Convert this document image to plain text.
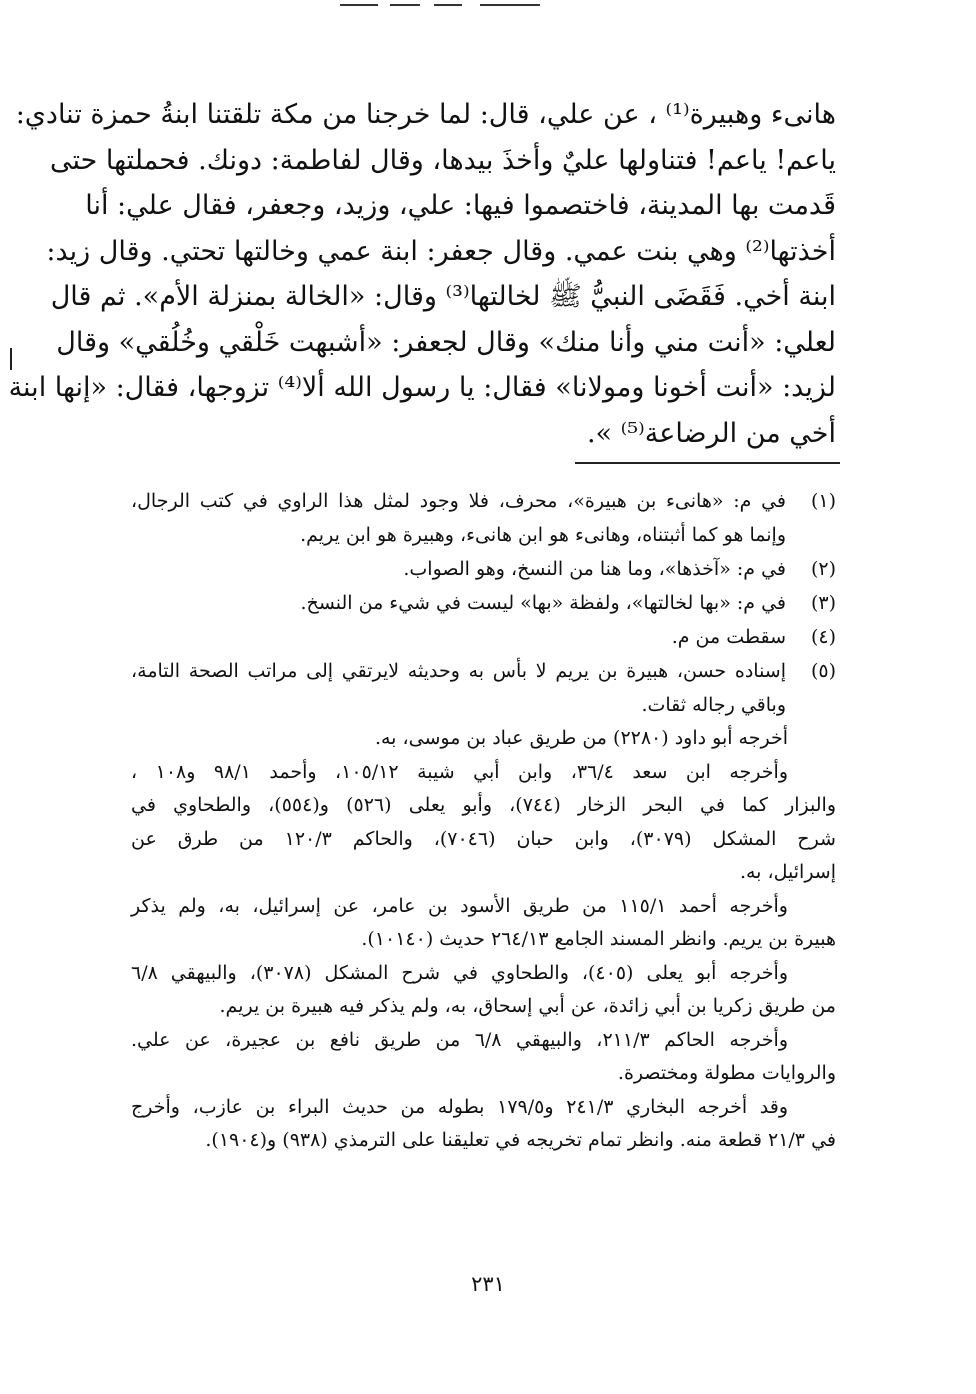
هانىء وهبيرة⁽¹⁾ ، عن علي، قال: لما خرجنا من مكة تلقتنا ابنةُ حمزة تنادي:
ياعم! ياعم! فتناولها عليٌ وأخذَ بيدها، وقال لفاطمة: دونك. فحملتها حتى
قَدمت بها المدينة، فاختصموا فيها: علي، وزيد، وجعفر، فقال علي: أنا
أخذتها⁽²⁾ وهي بنت عمي. وقال جعفر: ابنة عمي وخالتها تحتي. وقال زيد:
ابنة أخي. فَقَضَى النبيُّ ﷺ لخالتها⁽³⁾ وقال: «الخالة بمنزلة الأم». ثم قال
لعلي: «أنت مني وأنا منك» وقال لجعفر: «أشبهت خَلْقي وخُلُقي» وقال
لزيد: «أنت أخونا ومولانا» فقال: يا رسول الله ألا⁽⁴⁾ تزوجها، فقال: «إنها ابنة
أخي من الرضاعة⁽⁵⁾ ».
(١)
في م: «هانىء بن هبيرة»، محرف، فلا وجود لمثل هذا الراوي في كتب الرجال،
وإنما هو كما أثبتناه، وهانىء هو ابن هانىء، وهبيرة هو ابن يريم.
(٢)
في م: «آخذها»، وما هنا من النسخ، وهو الصواب.
(٣)
في م: «بها لخالتها»، ولفظة «بها» ليست في شيء من النسخ.
(٤)
سقطت من م.
(٥)
إسناده حسن، هبيرة بن يريم لا بأس به وحديثه لايرتقي إلى مراتب الصحة التامة،
وباقي رجاله ثقات.
أخرجه أبو داود (٢٢٨٠) من طريق عباد بن موسى، به.
وأخرجه ابن سعد ٣٦/٤، وابن أبي شيبة ١٠٥/١٢، وأحمد ٩٨/١ و١٠٨ ،
والبزار كما في البحر الزخار (٧٤٤)، وأبو يعلى (٥٢٦) و(٥٥٤)، والطحاوي في
شرح المشكل (٣٠٧٩)، وابن حبان (٧٠٤٦)، والحاكم ١٢٠/٣ من طرق عن
إسرائيل، به.
وأخرجه أحمد ١١٥/١ من طريق الأسود بن عامر، عن إسرائيل، به، ولم يذكر
هبيرة بن يريم. وانظر المسند الجامع ٢٦٤/١٣ حديث (١٠١٤٠).
وأخرجه أبو يعلى (٤٠٥)، والطحاوي في شرح المشكل (٣٠٧٨)، والبيهقي ٦/٨
من طريق زكريا بن أبي زائدة، عن أبي إسحاق، به، ولم يذكر فيه هبيرة بن يريم.
وأخرجه الحاكم ٢١١/٣، والبيهقي ٦/٨ من طريق نافع بن عجيرة، عن علي.
والروايات مطولة ومختصرة.
وقد أخرجه البخاري ٢٤١/٣ و١٧٩/٥ بطوله من حديث البراء بن عازب، وأخرج
في ٢١/٣ قطعة منه. وانظر تمام تخريجه في تعليقنا على الترمذي (٩٣٨) و(١٩٠٤).
٢٣١
